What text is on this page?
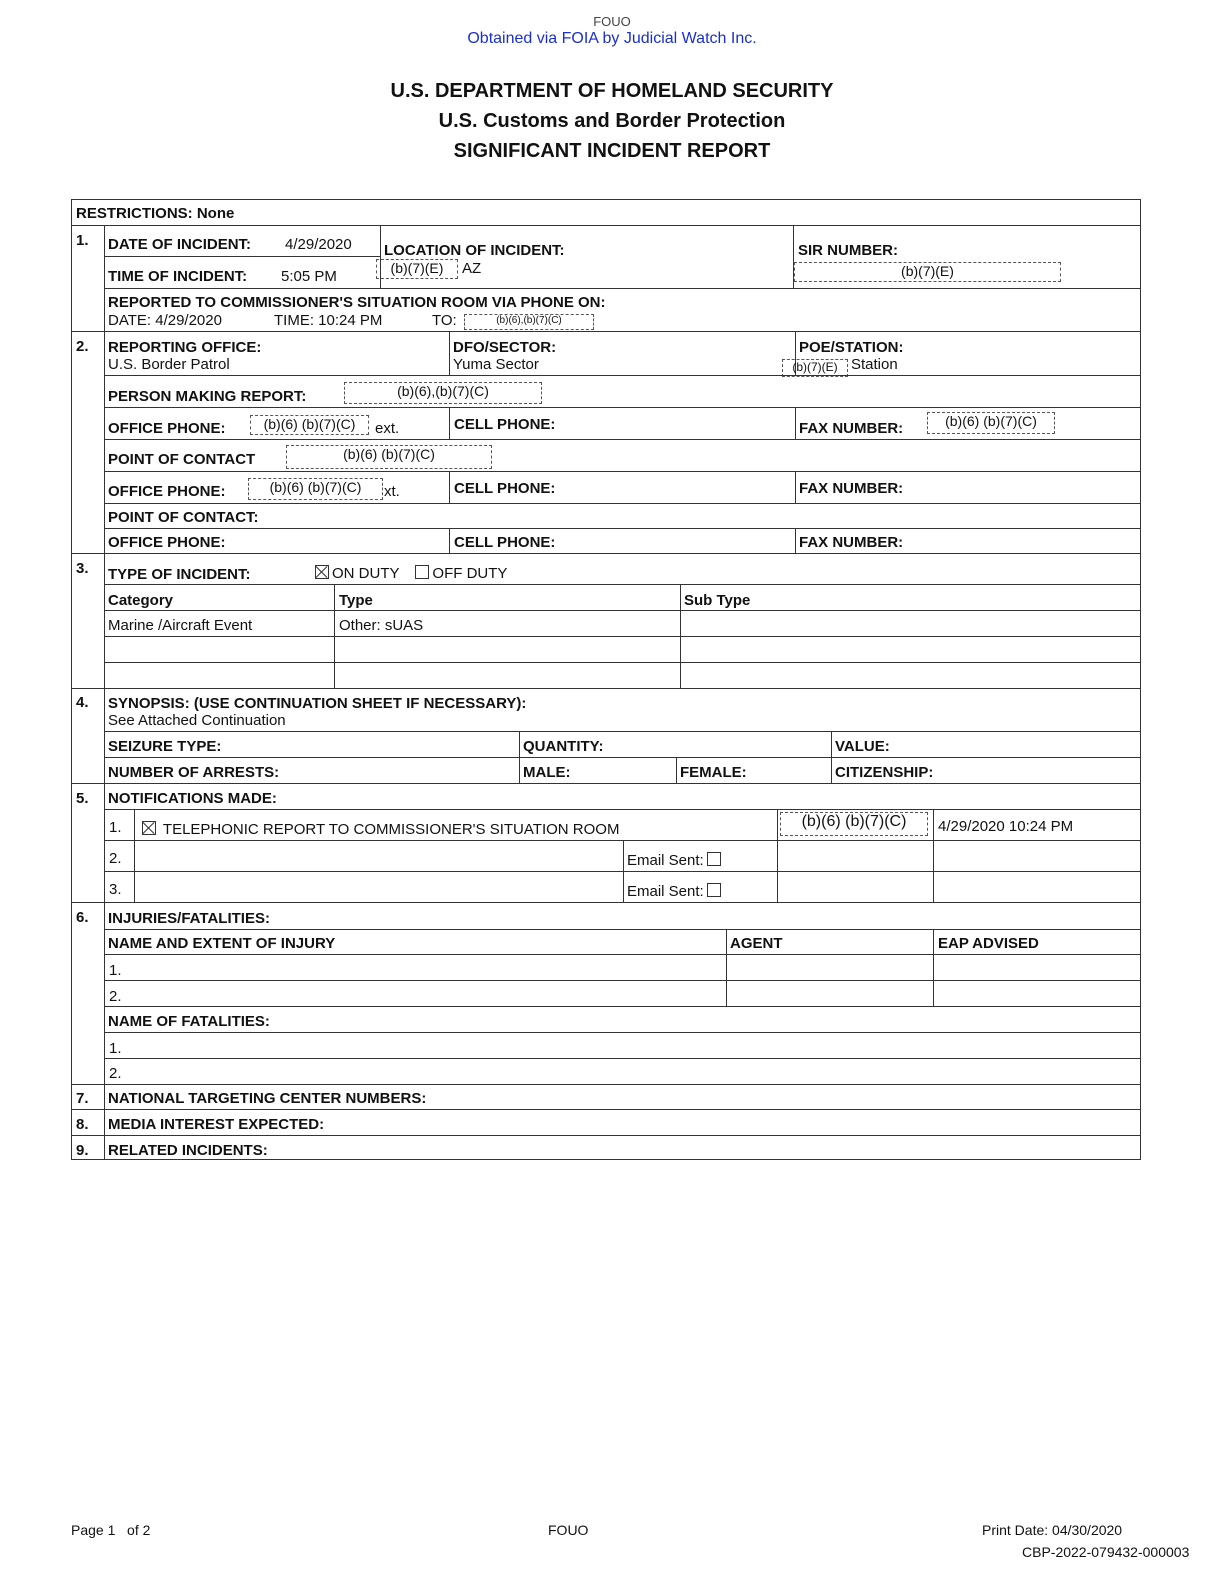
FOUO
Obtained via FOIA by Judicial Watch Inc.
U.S. DEPARTMENT OF HOMELAND SECURITY
U.S. Customs and Border Protection
SIGNIFICANT INCIDENT REPORT
RESTRICTIONS: None
1. DATE OF INCIDENT: 4/29/2020
TIME OF INCIDENT: 5:05 PM
LOCATION OF INCIDENT:
(b)(7)(E)	AZ
SIR NUMBER:
(b)(7)(E)
REPORTED TO COMMISSIONER'S SITUATION ROOM VIA PHONE ON:
DATE: 4/29/2020	TIME: 10:24 PM	TO:	(b)(6),(b)(7)(C)
2. REPORTING OFFICE:
U.S. Border Patrol
DFO/SECTOR:
Yuma Sector
POE/STATION:
(b)(7)(E) Station
PERSON MAKING REPORT:	(b)(6),(b)(7)(C)
OFFICE PHONE:	(b)(6) (b)(7)(C)	ext.	CELL PHONE:	FAX NUMBER:	(b)(6) (b)(7)(C)
POINT OF CONTACT	(b)(6) (b)(7)(C)
OFFICE PHONE:	(b)(6) (b)(7)(C)	xt.	CELL PHONE:	FAX NUMBER:
POINT OF CONTACT:
OFFICE PHONE:	CELL PHONE:	FAX NUMBER:
3. TYPE OF INCIDENT:	ON DUTY OFF DUTY
Category	Type	Sub Type
Marine /Aircraft Event	Other: sUAS
4. SYNOPSIS: (USE CONTINUATION SHEET IF NECESSARY):
See Attached Continuation
SEIZURE TYPE:	QUANTITY:	VALUE:
NUMBER OF ARRESTS:	MALE:	FEMALE:	CITIZENSHIP:
5. NOTIFICATIONS MADE:
1.	TELEPHONIC REPORT TO COMMISSIONER'S SITUATION ROOM	(b)(6) (b)(7)(C)	4/29/2020 10:24 PM
2.	Email Sent:
3.	Email Sent:
6. INJURIES/FATALITIES:
NAME AND EXTENT OF INJURY	AGENT	EAP ADVISED
1.
2.
NAME OF FATALITIES:
1.
2.
7. NATIONAL TARGETING CENTER NUMBERS:
8. MEDIA INTEREST EXPECTED:
9. RELATED INCIDENTS:
Page 1 of 2	FOUO	Print Date: 04/30/2020
CBP-2022-079432-000003
